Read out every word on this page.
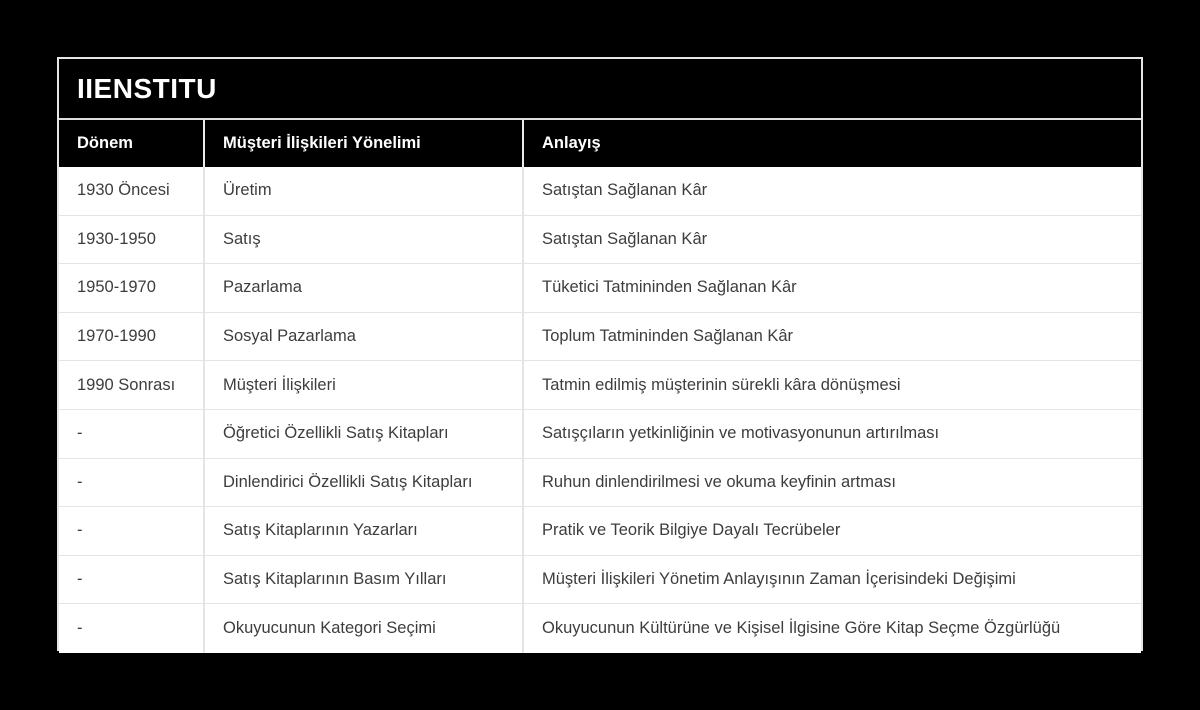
IIENSTITU
Dönem	Müşteri İlişkileri Yönelimi	Anlayış
1930 Öncesi	Üretim	Satıştan Sağlanan Kâr
1930-1950	Satış	Satıştan Sağlanan Kâr
1950-1970	Pazarlama	Tüketici Tatmininden Sağlanan Kâr
1970-1990	Sosyal Pazarlama	Toplum Tatmininden Sağlanan Kâr
1990 Sonrası	Müşteri İlişkileri	Tatmin edilmiş müşterinin sürekli kâra dönüşmesi
-	Öğretici Özellikli Satış Kitapları	Satışçıların yetkinliğinin ve motivasyonunun artırılması
-	Dinlendirici Özellikli Satış Kitapları	Ruhun dinlendirilmesi ve okuma keyfinin artması
-	Satış Kitaplarının Yazarları	Pratik ve Teorik Bilgiye Dayalı Tecrübeler
-	Satış Kitaplarının Basım Yılları	Müşteri İlişkileri Yönetim Anlayışının Zaman İçerisindeki Değişimi
-	Okuyucunun Kategori Seçimi	Okuyucunun Kültürüne ve Kişisel İlgisine Göre Kitap Seçme Özgürlüğü
